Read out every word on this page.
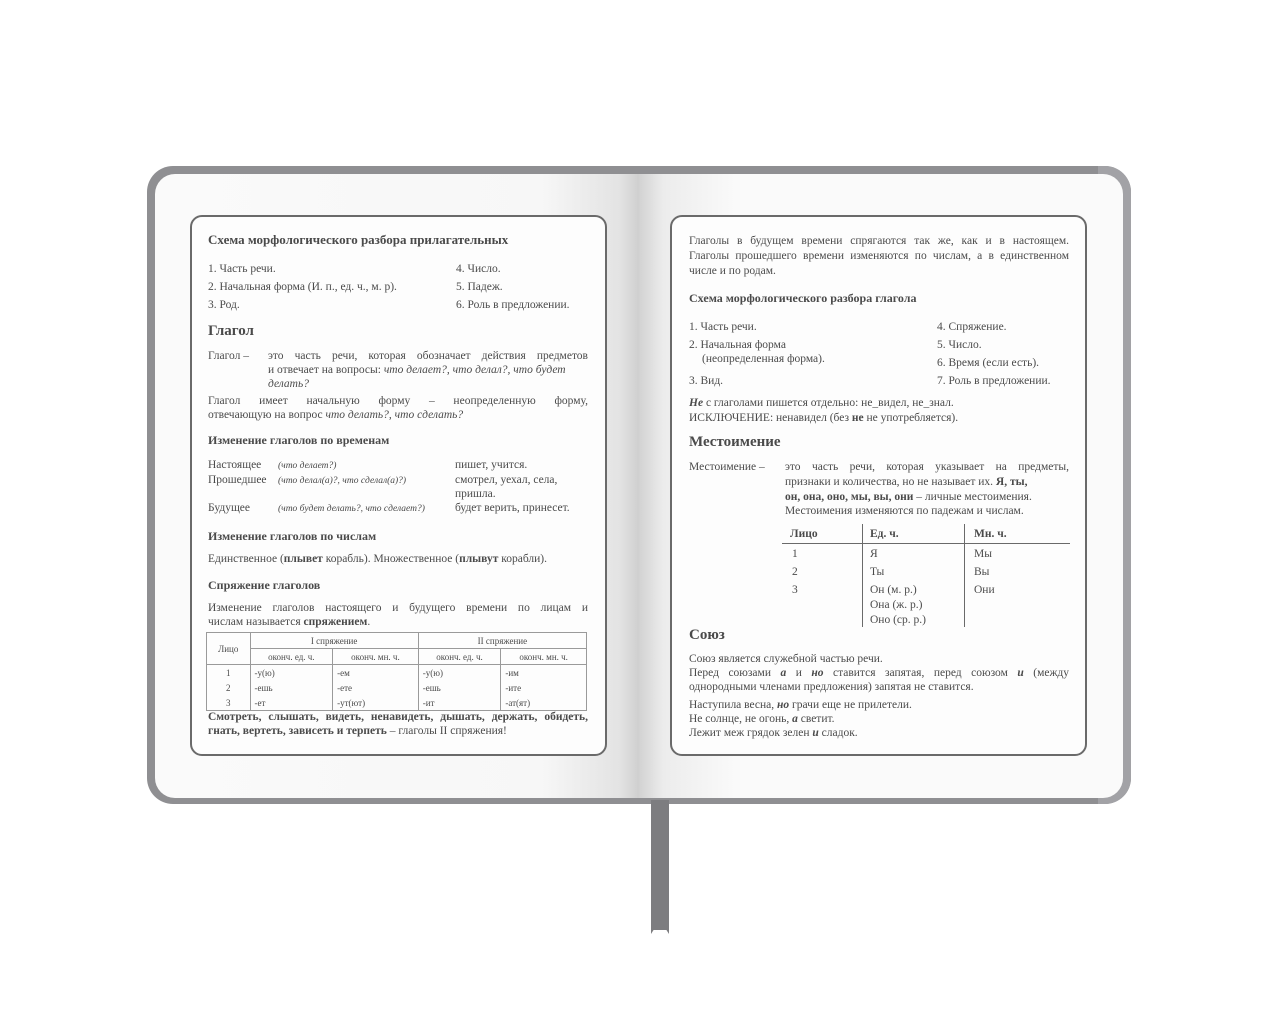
Схема морфологического разбора прилагательных
1. Часть речи.
2. Начальная форма (И. п., ед. ч., м. р).
3. Род.
4. Число.
5. Падеж.
6. Роль в предложении.
Глагол
Глагол – это часть речи, которая обозначает действия предметов
и отвечает на вопросы: что делает?, что делал?, что будет
делать?
Глагол имеет начальную форму – неопределенную форму,
отвечающую на вопрос что делать?, что сделать?
Изменение глаголов по временам
Настоящее (что делает?)	пишет, учится.
Прошедшее (что делал(а)?, что сделал(а)?)	смотрел, уехал, села,
пришла.
Будущее	(что будет делать?, что сделает?)	будет верить, принесет.
Изменение глаголов по числам
Единственное (плывет корабль). Множественное (плывут корабли).
Спряжение глаголов
Изменение глаголов настоящего и будущего времени по лицам и
числам называется спряжением.
Лицо	I спряжение		II спряжение	
	оконч. ед. ч.	оконч. мн. ч.	оконч. ед. ч.	оконч. мн. ч.
1	-у(ю)	-ем	-у(ю)	-им
2	-ешь	-ете	-ешь	-ите
3	-ет	-ут(ют)	-ит	-ат(ят)
Смотреть, слышать, видеть, ненавидеть, дышать, держать, обидеть,
гнать, вертеть, зависеть и терпеть – глаголы II спряжения!
Глаголы в будущем времени спрягаются так же, как и в настоящем.
Глаголы прошедшего времени изменяются по числам, а в единственном
числе и по родам.
Схема морфологического разбора глагола
1. Часть речи.
2. Начальная форма
(неопределенная форма).
3. Вид.
4. Спряжение.
5. Число.
6. Время (если есть).
7. Роль в предложении.
Не с глаголами пишется отдельно: не_видел, не_знал.
ИСКЛЮЧЕНИЕ: ненавидел (без не не употребляется).
Местоимение
Местоимение – это часть речи, которая указывает на предметы,
признаки и количества, но не называет их. Я, ты,
он, она, оно, мы, вы, они – личные местоимения.
Местоимения изменяются по падежам и числам.
Лицо	Ед. ч.	Мн. ч.
1	Я	Мы
2	Ты	Вы
3	Он (м. р.)	Они
Она (ж. р.)
Оно (ср. р.)
Союз
Союз является служебной частью речи.
Перед союзами а и но ставится запятая, перед союзом и (между
однородными членами предложения) запятая не ставится.
Наступила весна, но грачи еще не прилетели.
Не солнце, не огонь, а светит.
Лежит меж грядок зелен и сладок.
